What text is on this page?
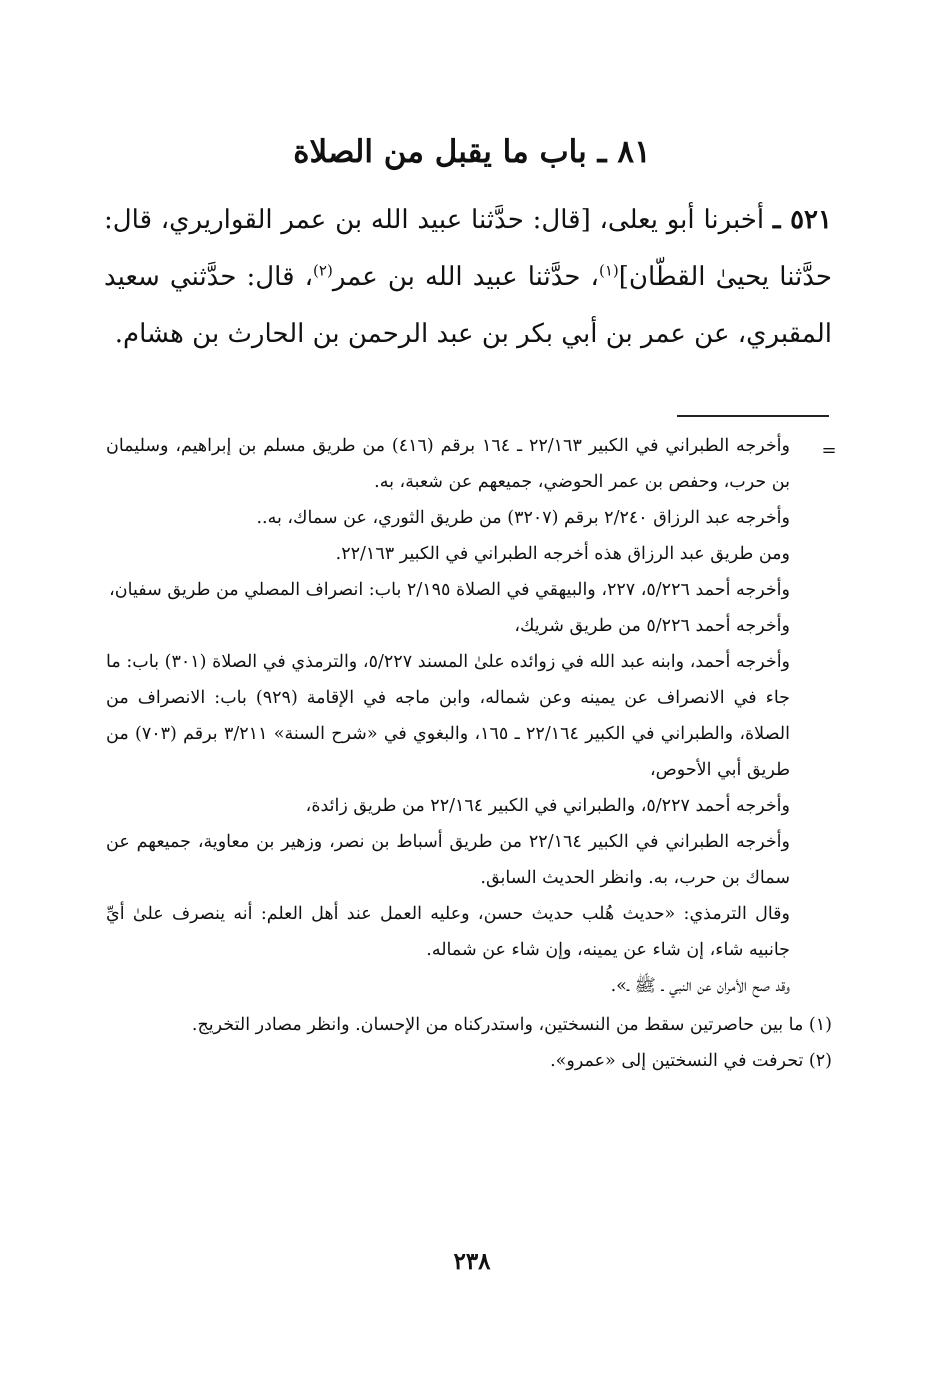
٨١ ـ باب ما يقبل من الصلاة

٥٢١ ـ أخبرنا أبو يعلى، [قال: حدَّثنا عبيد الله بن عمر القواريري، قال: حدَّثنا يحيىٰ القطّان]$^{(١)}$، حدَّثنا عبيد الله بن عمر$^{(٢)}$، قال: حدَّثني سعيد المقبري، عن عمر بن أبي بكر بن عبد الرحمن بن الحارث بن هشام.

=

وأخرجه الطبراني في الكبير ٢٢/١٦٣ ـ ١٦٤ برقم (٤١٦) من طريق مسلم بن إبراهيم، وسليمان بن حرب، وحفص بن عمر الحوضي، جميعهم عن شعبة، به.

وأخرجه عبد الرزاق ٢/٢٤٠ برقم (٣٢٠٧) من طريق الثوري، عن سماك، به..

ومن طريق عبد الرزاق هذه أخرجه الطبراني في الكبير ٢٢/١٦٣.

وأخرجه أحمد ٥/٢٢٦، ٢٢٧، والبيهقي في الصلاة ٢/١٩٥ باب: انصراف المصلي من طريق سفيان،

وأخرجه أحمد ٥/٢٢٦ من طريق شريك،

وأخرجه أحمد، وابنه عبد الله في زوائده علىٰ المسند ٥/٢٢٧، والترمذي في الصلاة (٣٠١) باب: ما جاء في الانصراف عن يمينه وعن شماله، وابن ماجه في الإقامة (٩٢٩) باب: الانصراف من الصلاة، والطبراني في الكبير ٢٢/١٦٤ ـ ١٦٥، والبغوي في «شرح السنة» ٣/٢١١ برقم (٧٠٣) من طريق أبي الأحوص،

وأخرجه أحمد ٥/٢٢٧، والطبراني في الكبير ٢٢/١٦٤ من طريق زائدة،

وأخرجه الطبراني في الكبير ٢٢/١٦٤ من طريق أسباط بن نصر، وزهير بن معاوية، جميعهم عن سماك بن حرب، به. وانظر الحديث السابق.

وقال الترمذي: «حديث هُلب حديث حسن، وعليه العمل عند أهل العلم: أنه ينصرف علىٰ أيِّ جانبيه شاء، إن شاء عن يمينه، وإن شاء عن شماله.

وقد صح الأمران عن النبي ـ ﷺ ـ».

(١) ما بين حاصرتين سقط من النسختين، واستدركناه من الإحسان. وانظر مصادر التخريج.

(٢) تحرفت في النسختين إلى «عمرو».

٢٣٨
